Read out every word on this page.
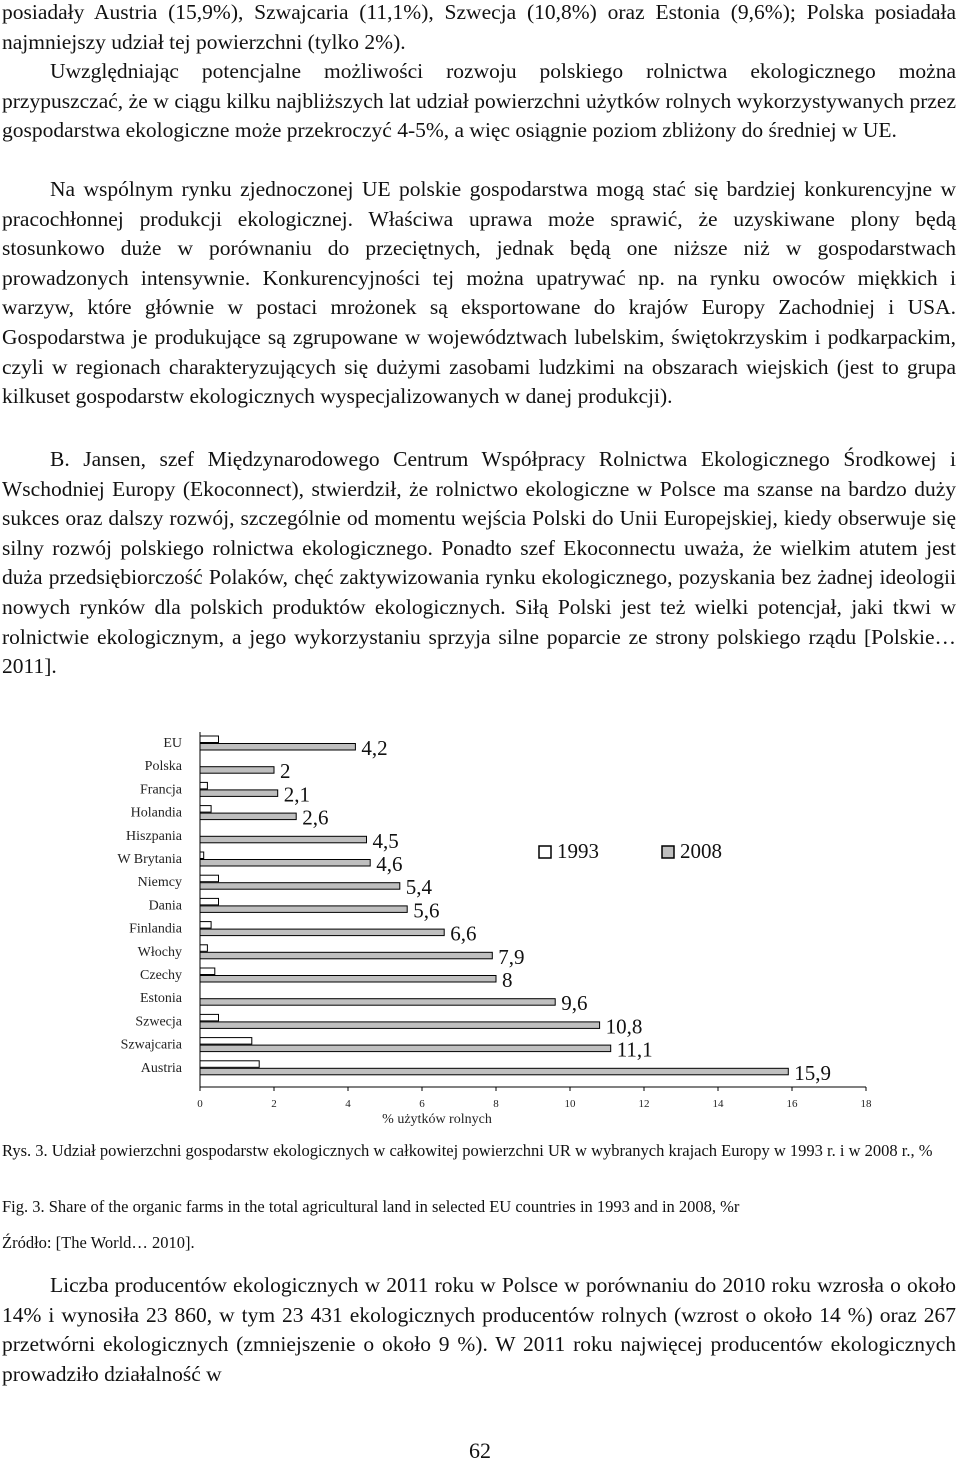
posiadały Austria (15,9%), Szwajcaria (11,1%), Szwecja (10,8%) oraz Estonia (9,6%); Polska posiadała najmniejszy udział tej powierzchni (tylko 2%).

Uwzględniając potencjalne możliwości rozwoju polskiego rolnictwa ekologicznego można przypuszczać, że w ciągu kilku najbliższych lat udział powierzchni użytków rolnych wykorzystywanych przez gospodarstwa ekologiczne może przekroczyć 4-5%, a więc osiągnie poziom zbliżony do średniej w UE.

Na wspólnym rynku zjednoczonej UE polskie gospodarstwa mogą stać się bardziej konkurencyjne w pracochłonnej produkcji ekologicznej. Właściwa uprawa może sprawić, że uzyskiwane plony będą stosunkowo duże w porównaniu do przeciętnych, jednak będą one niższe niż w gospodarstwach prowadzonych intensywnie. Konkurencyjności tej można upatrywać np. na rynku owoców miękkich i warzyw, które głównie w postaci mrożonek są eksportowane do krajów Europy Zachodniej i USA. Gospodarstwa je produkujące są zgrupowane w województwach lubelskim, świętokrzyskim i podkarpackim, czyli w regionach charakteryzujących się dużymi zasobami ludzkimi na obszarach wiejskich (jest to grupa kilkuset gospodarstw ekologicznych wyspecjalizowanych w danej produkcji).

B. Jansen, szef Międzynarodowego Centrum Współpracy Rolnictwa Ekologicznego Środkowej i Wschodniej Europy (Ekoconnect), stwierdził, że rolnictwo ekologiczne w Polsce ma szanse na bardzo duży sukces oraz dalszy rozwój, szczególnie od momentu wejścia Polski do Unii Europejskiej, kiedy obserwuje się silny rozwój polskiego rolnictwa ekologicznego. Ponadto szef Ekoconnectu uważa, że wielkim atutem jest duża przedsiębiorczość Polaków, chęć zaktywizowania rynku ekologicznego, pozyskania bez żadnej ideologii nowych rynków dla polskich produktów ekologicznych. Siłą Polski jest też wielki potencjał, jaki tkwi w rolnictwie ekologicznym, a jego wykorzystaniu sprzyja silne poparcie ze strony polskiego rządu [Polskie… 2011].

EU
Polska
Francja
Holandia
Hiszpania
W Brytania
Niemcy
Dania
Finlandia
Włochy
Czechy
Estonia
Szwecja
Szwajcaria
Austria
4,2
2
2,1
2,6
4,5
4,6
5,4
5,6
6,6
7,9
8
9,6
10,8
11,1
15,9
0	2	4	6	8	10	12	14	16	18
% użytków rolnych
1993	2008

Rys. 3. Udział powierzchni gospodarstw ekologicznych w całkowitej powierzchni UR w wybranych krajach Europy w 1993 r. i w 2008 r., %

Fig. 3. Share of the organic farms in the total agricultural land in selected EU countries in 1993 and in 2008, %r

Źródło: [The World… 2010].

Liczba producentów ekologicznych w 2011 roku w Polsce w porównaniu do 2010 roku wzrosła o około 14% i wynosiła 23 860, w tym 23 431 ekologicznych producentów rolnych (wzrost o około 14 %) oraz 267 przetwórni ekologicznych (zmniejszenie o około 9 %). W 2011 roku najwięcej producentów ekologicznych prowadziło działalność w

62
